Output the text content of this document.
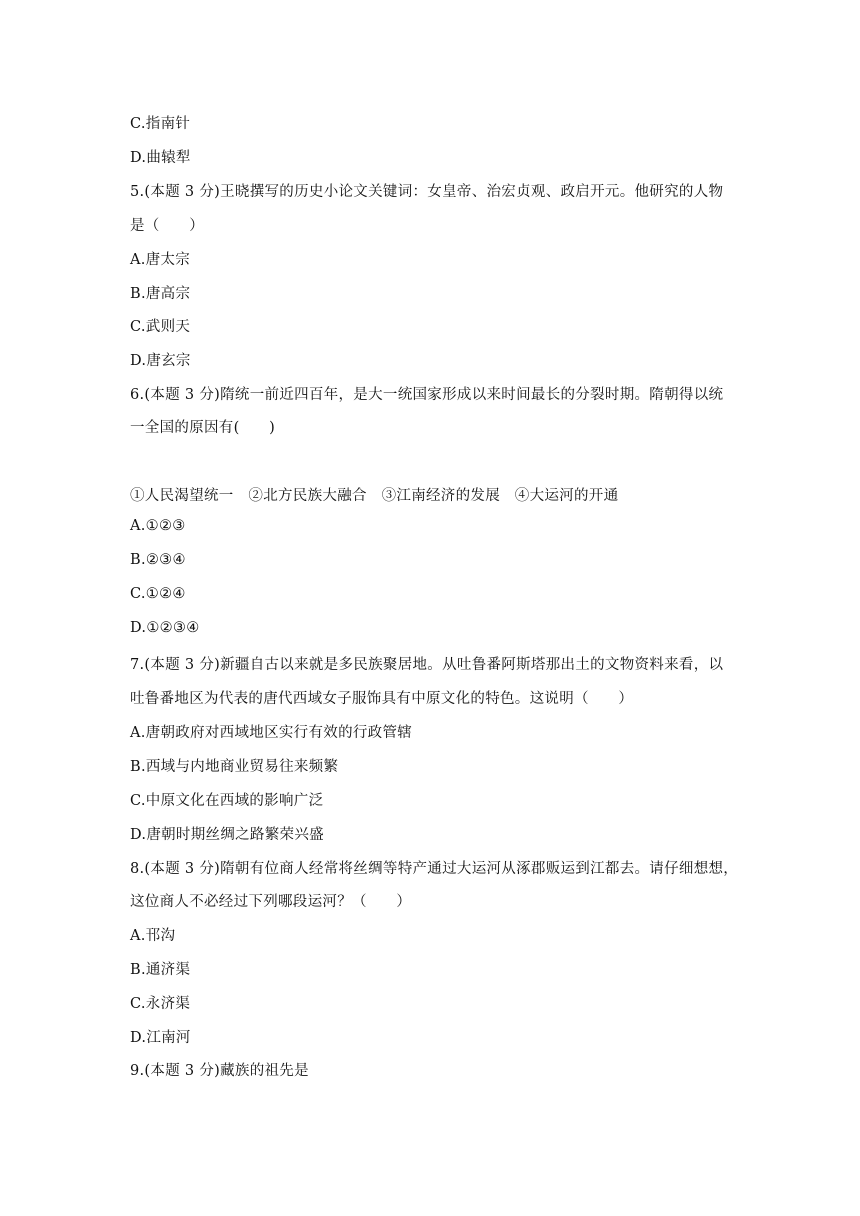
C.指南针
D.曲辕犁
5.(本题 3 分)王晓撰写的历史小论文关键词：女皇帝、治宏贞观、政启开元。他研究的人物
是（　　）
A.唐太宗
B.唐高宗
C.武则天
D.唐玄宗
6.(本题 3 分)隋统一前近四百年，是大一统国家形成以来时间最长的分裂时期。隋朝得以统
一全国的原因有(　　)
①人民渴望统一　②北方民族大融合　③江南经济的发展　④大运河的开通
A.①②③
B.②③④
C.①②④
D.①②③④
7.(本题 3 分)新疆自古以来就是多民族聚居地。从吐鲁番阿斯塔那出土的文物资料来看，以
吐鲁番地区为代表的唐代西域女子服饰具有中原文化的特色。这说明（　　）
A.唐朝政府对西域地区实行有效的行政管辖
B.西域与内地商业贸易往来频繁
C.中原文化在西域的影响广泛
D.唐朝时期丝绸之路繁荣兴盛
8.(本题 3 分)隋朝有位商人经常将丝绸等特产通过大运河从涿郡贩运到江都去。请仔细想想，
这位商人不必经过下列哪段运河？（　　）
A.邗沟
B.通济渠
C.永济渠
D.江南河
9.(本题 3 分)藏族的祖先是
